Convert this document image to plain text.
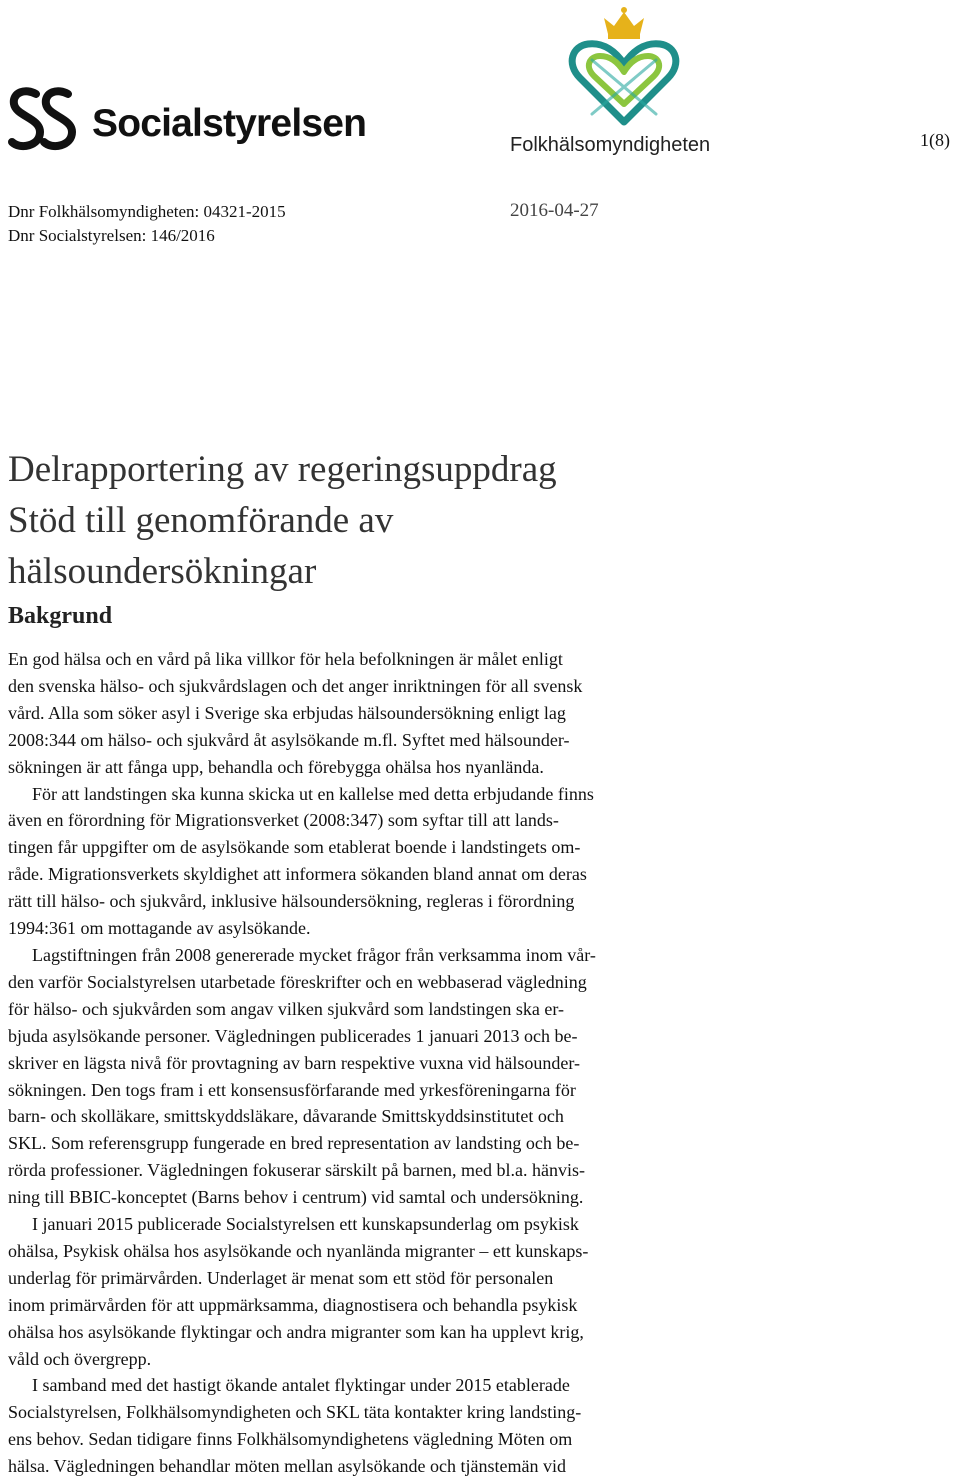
Socialstyrelsen	Folkhälsomyndigheten	1(8)
Dnr Folkhälsomyndigheten: 04321-2015
Dnr Socialstyrelsen: 146/2016
2016-04-27
Delrapportering av regeringsuppdrag
Stöd till genomförande av
hälsoundersökningar
Bakgrund
En god hälsa och en vård på lika villkor för hela befolkningen är målet enligt
den svenska hälso- och sjukvårdslagen och det anger inriktningen för all svensk
vård. Alla som söker asyl i Sverige ska erbjudas hälsoundersökning enligt lag
2008:344 om hälso- och sjukvård åt asylsökande m.fl. Syftet med hälsounder-
sökningen är att fånga upp, behandla och förebygga ohälsa hos nyanlända.
För att landstingen ska kunna skicka ut en kallelse med detta erbjudande finns
även en förordning för Migrationsverket (2008:347) som syftar till att lands-
tingen får uppgifter om de asylsökande som etablerat boende i landstingets om-
råde. Migrationsverkets skyldighet att informera sökanden bland annat om deras
rätt till hälso- och sjukvård, inklusive hälsoundersökning, regleras i förordning
1994:361 om mottagande av asylsökande.
Lagstiftningen från 2008 genererade mycket frågor från verksamma inom vår-
den varför Socialstyrelsen utarbetade föreskrifter och en webbaserad vägledning
för hälso- och sjukvården som angav vilken sjukvård som landstingen ska er-
bjuda asylsökande personer. Vägledningen publicerades 1 januari 2013 och be-
skriver en lägsta nivå för provtagning av barn respektive vuxna vid hälsounder-
sökningen. Den togs fram i ett konsensusförfarande med yrkesföreningarna för
barn- och skolläkare, smittskyddsläkare, dåvarande Smittskyddsinstitutet och
SKL. Som referensgrupp fungerade en bred representation av landsting och be-
rörda professioner. Vägledningen fokuserar särskilt på barnen, med bl.a. hänvis-
ning till BBIC-konceptet (Barns behov i centrum) vid samtal och undersökning.
I januari 2015 publicerade Socialstyrelsen ett kunskapsunderlag om psykisk
ohälsa, Psykisk ohälsa hos asylsökande och nyanlända migranter – ett kunskaps-
underlag för primärvården. Underlaget är menat som ett stöd för personalen
inom primärvården för att uppmärksamma, diagnostisera och behandla psykisk
ohälsa hos asylsökande flyktingar och andra migranter som kan ha upplevt krig,
våld och övergrepp.
I samband med det hastigt ökande antalet flyktingar under 2015 etablerade
Socialstyrelsen, Folkhälsomyndigheten och SKL täta kontakter kring landsting-
ens behov. Sedan tidigare finns Folkhälsomyndighetens vägledning Möten om
hälsa. Vägledningen behandlar möten mellan asylsökande och tjänstemän vid
